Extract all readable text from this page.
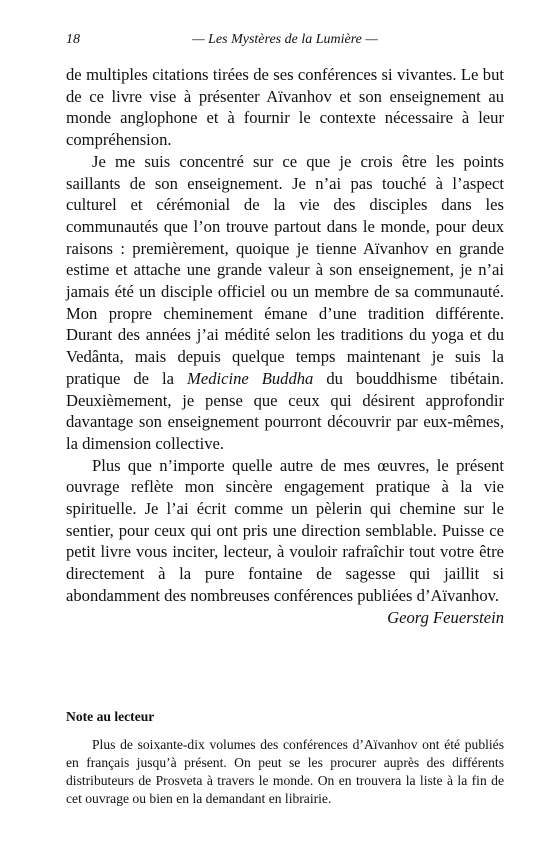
18	— Les Mystères de la Lumière —

de multiples citations tirées de ses conférences si vivantes. Le but de ce livre vise à présenter Aïvanhov et son enseignement au monde anglophone et à fournir le contexte nécessaire à leur compréhension.

Je me suis concentré sur ce que je crois être les points saillants de son enseignement. Je n’ai pas touché à l’aspect culturel et cérémonial de la vie des disciples dans les communautés que l’on trouve partout dans le monde, pour deux raisons : premièrement, quoique je tienne Aïvanhov en grande estime et attache une grande valeur à son enseignement, je n’ai jamais été un disciple officiel ou un membre de sa communauté. Mon propre cheminement émane d’une tradition différente. Durant des années j’ai médité selon les traditions du yoga et du Vedânta, mais depuis quelque temps maintenant je suis la pratique de la Medicine Buddha du bouddhisme tibétain. Deuxièmement, je pense que ceux qui désirent approfondir davantage son enseignement pourront découvrir par eux-mêmes, la dimension collective.

Plus que n’importe quelle autre de mes œuvres, le présent ouvrage reflète mon sincère engagement pratique à la vie spirituelle. Je l’ai écrit comme un pèlerin qui chemine sur le sentier, pour ceux qui ont pris une direction semblable. Puisse ce petit livre vous inciter, lecteur, à vouloir rafraîchir tout votre être directement à la pure fontaine de sagesse qui jaillit si abondamment des nombreuses conférences publiées d’Aïvanhov.

Georg Feuerstein

Note au lecteur

Plus de soixante-dix volumes des conférences d’Aïvanhov ont été publiés en français jusqu’à présent. On peut se les procurer auprès des différents distributeurs de Prosveta à travers le monde. On en trouvera la liste à la fin de cet ouvrage ou bien en la demandant en librairie.
